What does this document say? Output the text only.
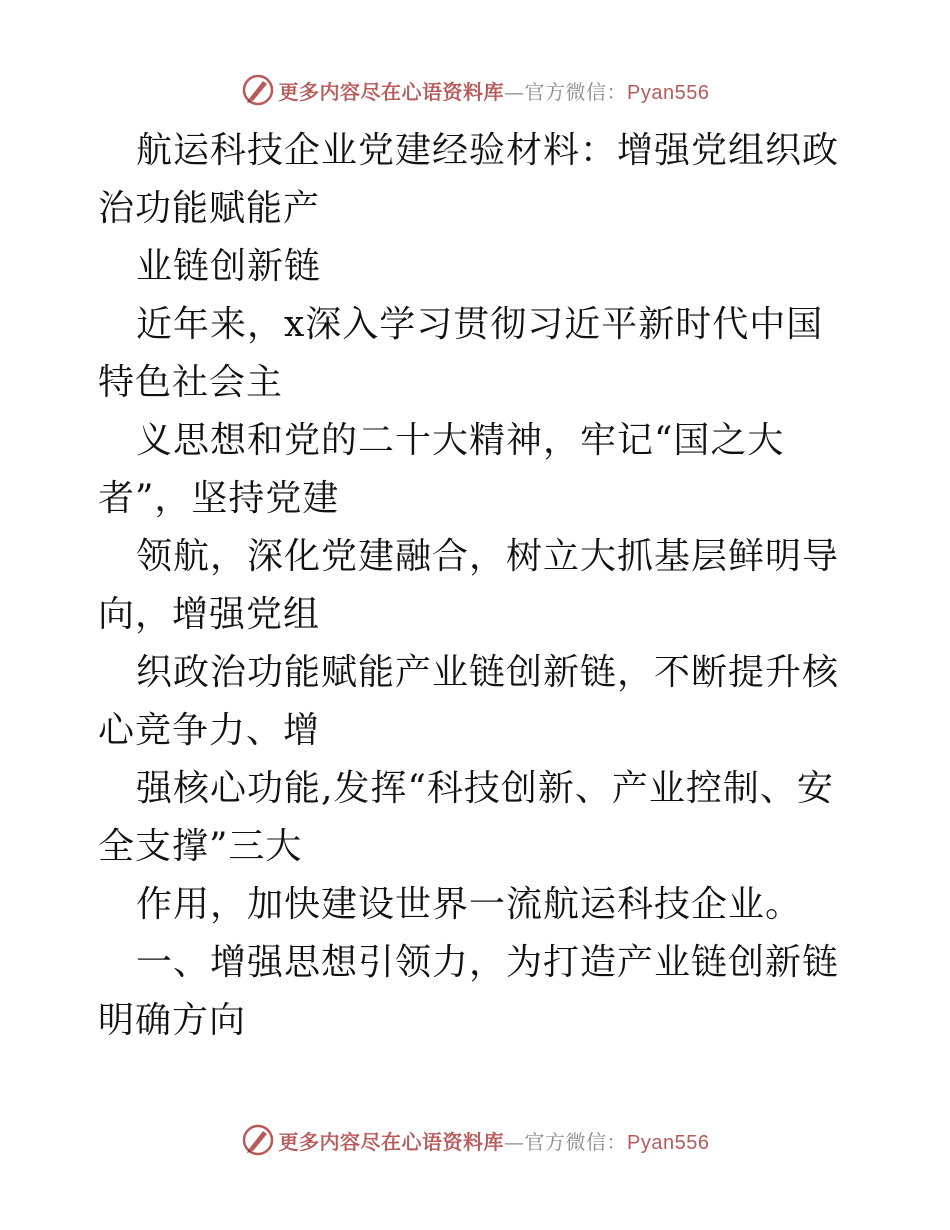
更多内容尽在心语资料库—官方微信：Pyan556

航运科技企业党建经验材料：增强党组织政治功能赋能产

业链创新链

近年来，x深入学习贯彻习近平新时代中国特色社会主

义思想和党的二十大精神，牢记“国之大者”，坚持党建

领航，深化党建融合，树立大抓基层鲜明导向，增强党组

织政治功能赋能产业链创新链，不断提升核心竞争力、增

强核心功能,发挥“科技创新、产业控制、安全支撑”三大

作用，加快建设世界一流航运科技企业。

一、增强思想引领力，为打造产业链创新链明确方向

更多内容尽在心语资料库—官方微信：Pyan556
